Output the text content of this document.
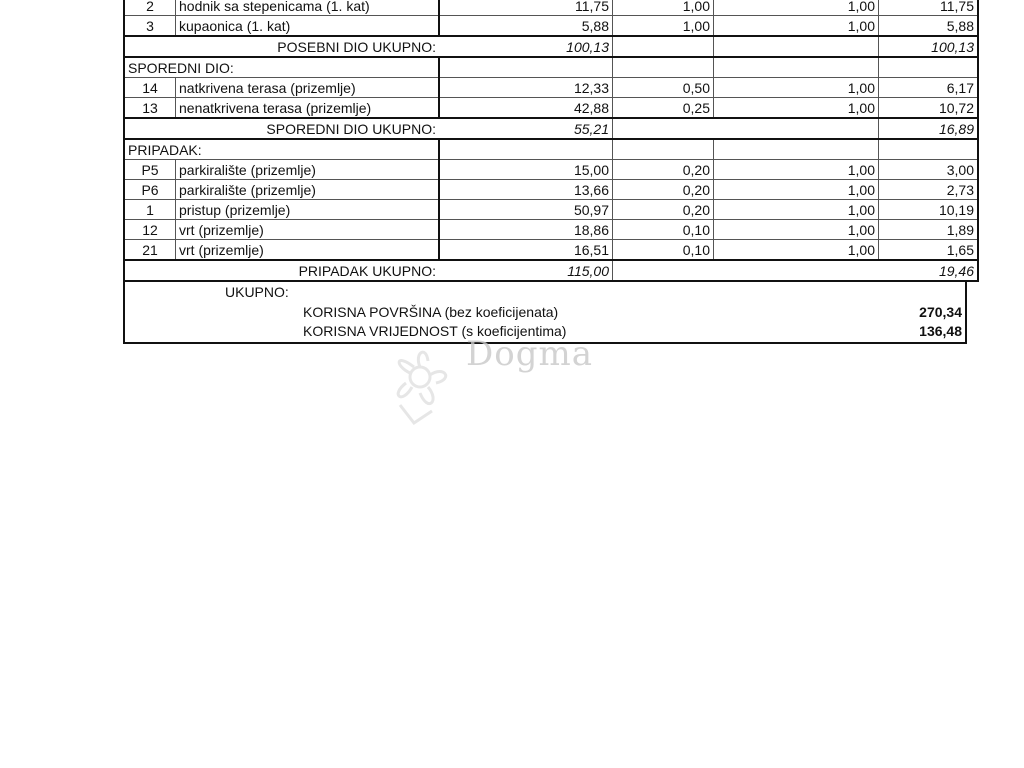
2	hodnik sa stepenicama (1. kat)	11,75	1,00	1,00	11,75
3	kupaonica (1. kat)	5,88	1,00	1,00	5,88
POSEBNI DIO UKUPNO:		100,13			100,13
SPOREDNI DIO:					
14	natkrivena terasa (prizemlje)	12,33	0,50	1,00	6,17
13	nenatkrivena terasa (prizemlje)	42,88	0,25	1,00	10,72
SPOREDNI DIO UKUPNO:		55,21			16,89
PRIPADAK:					
P5	parkiralište (prizemlje)	15,00	0,20	1,00	3,00
P6	parkiralište (prizemlje)	13,66	0,20	1,00	2,73
1	pristup (prizemlje)	50,97	0,20	1,00	10,19
12	vrt (prizemlje)	18,86	0,10	1,00	1,89
21	vrt (prizemlje)	16,51	0,10	1,00	1,65
PRIPADAK UKUPNO:		115,00			19,46
UKUPNO:
KORISNA POVRŠINA (bez koeficijenata)	270,34
KORISNA VRIJEDNOST (s koeficijentima)	136,48
Dogma
